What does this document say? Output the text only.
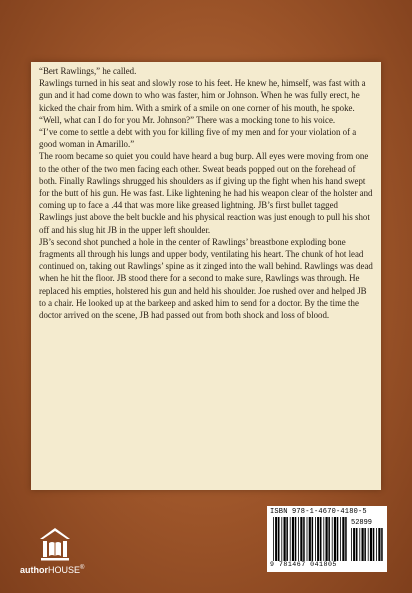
“Bert Rawlings,” he called.

Rawlings turned in his seat and slowly rose to his feet. He knew he, himself, was fast with a gun and it had come down to who was faster, him or Johnson. When he was fully erect, he kicked the chair from him. With a smirk of a smile on one corner of his mouth, he spoke.

“Well, what can I do for you Mr. Johnson?” There was a mocking tone to his voice.

“I’ve come to settle a debt with you for killing five of my men and for your violation of a good woman in Amarillo.”

The room became so quiet you could have heard a bug burp. All eyes were moving from one to the other of the two men facing each other. Sweat beads popped out on the forehead of both. Finally Rawlings shrugged his shoulders as if giving up the fight when his hand swept for the butt of his gun. He was fast. Like lightening he had his weapon clear of the holster and coming up to face a .44 that was more like greased lightning. JB’s first bullet tagged Rawlings just above the belt buckle and his physical reaction was just enough to pull his shot off and his slug hit JB in the upper left shoulder.

JB’s second shot punched a hole in the center of Rawlings’ breastbone exploding bone fragments all through his lungs and upper body, ventilating his heart. The chunk of hot lead continued on, taking out Rawlings’ spine as it zinged into the wall behind. Rawlings was dead when he hit the floor. JB stood there for a second to make sure, Rawlings was through. He replaced his empties, holstered his gun and held his shoulder. Joe rushed over and helped JB to a chair. He looked up at the barkeep and asked him to send for a doctor. By the time the doctor arrived on the scene, JB had passed out from both shock and loss of blood.

authorHOUSE®
ISBN 978-1-4670-4180-5
52899
9 781467 041805
